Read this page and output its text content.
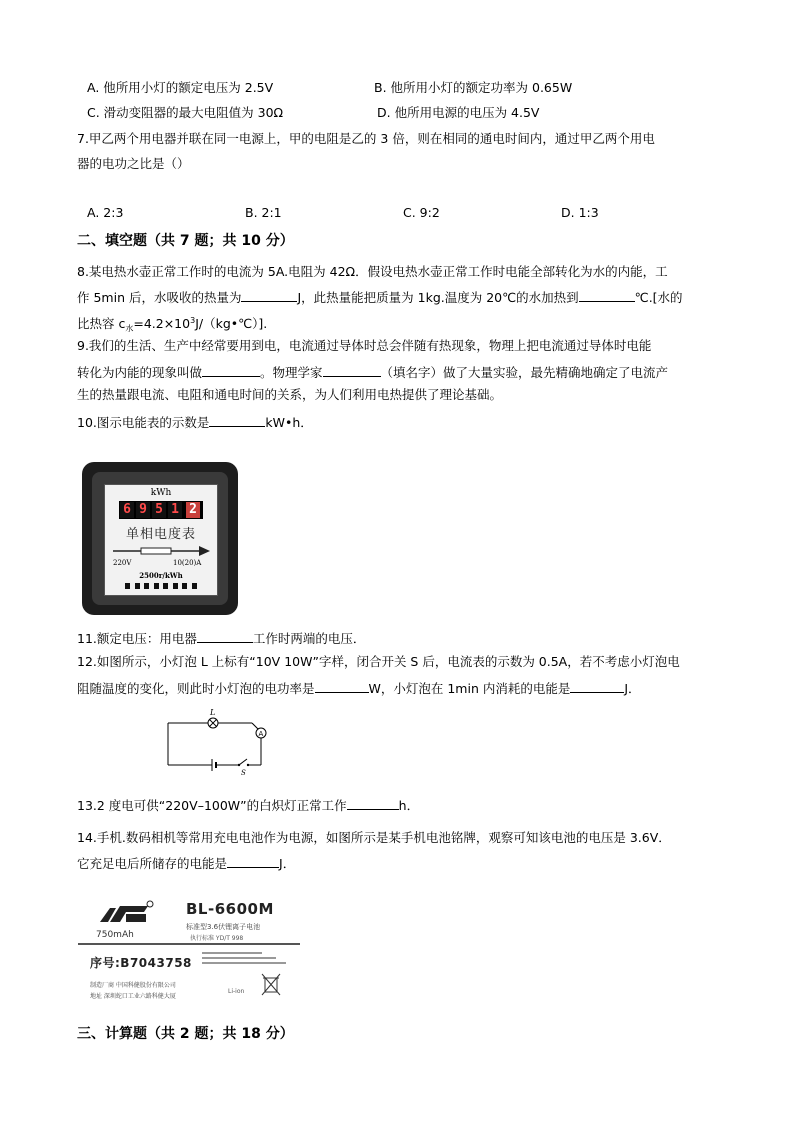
A. 他所用小灯的额定电压为 2.5V	B. 他所用小灯的额定功率为 0.65W
C. 滑动变阻器的最大电阻值为 30Ω	D. 他所用电源的电压为 4.5V
7.甲乙两个用电器并联在同一电源上，甲的电阻是乙的 3 倍，则在相同的通电时间内，通过甲乙两个用电
器的电功之比是（）
A. 2:3	B. 2:1	C. 9:2	D. 1:3
二、填空题（共 7 题；共 10 分）
8.某电热水壶正常工作时的电流为 5A.电阻为 42Ω．假设电热水壶正常工作时电能全部转化为水的内能，工
作 5min 后，水吸收的热量为	J，此热量能把质量为 1kg.温度为 20℃的水加热到	℃.[水的
比热容 $c_水=4.2\times 10^3J/(kg•℃)$].
9.我们的生活、生产中经常要用到电，电流通过导体时总会伴随有热现象，物理上把电流通过导体时电能
转化为内能的现象叫做	。物理学家	（填名字）做了大量实验，最先精确地确定了电流产
生的热量跟电流、电阻和通电时间的关系，为人们利用电热提供了理论基础。
10.图示电能表的示数是	kW•h．
kWh
6 9 5 1 2
单相电度表
220V	10(20)A
2500r/kWh
11.额定电压：用电器	工作时两端的电压．
12.如图所示，小灯泡 L 上标有“10V 10W”字样，闭合开关 S 后，电流表的示数为 0.5A，若不考虑小灯泡电
阻随温度的变化，则此时小灯泡的电功率是	W，小灯泡在 1min 内消耗的电能是	J．
L
A
S
13.2 度电可供“220V–100W”的白炽灯正常工作	h．
14.手机.数码相机等常用充电电池作为电源，如图所示是某手机电池铭牌，观察可知该电池的电压是 3.6V．
它充足电后所储存的电能是	J．
750mAh
BL-6600M
标准型3.6伏锂离子电池
执行标准 YD/T 998
序号:B7043758
制造厂商 中国科健股份有限公司
地址 深圳蛇口工业六路科健大厦
Li-ion
三、计算题（共 2 题；共 18 分）
